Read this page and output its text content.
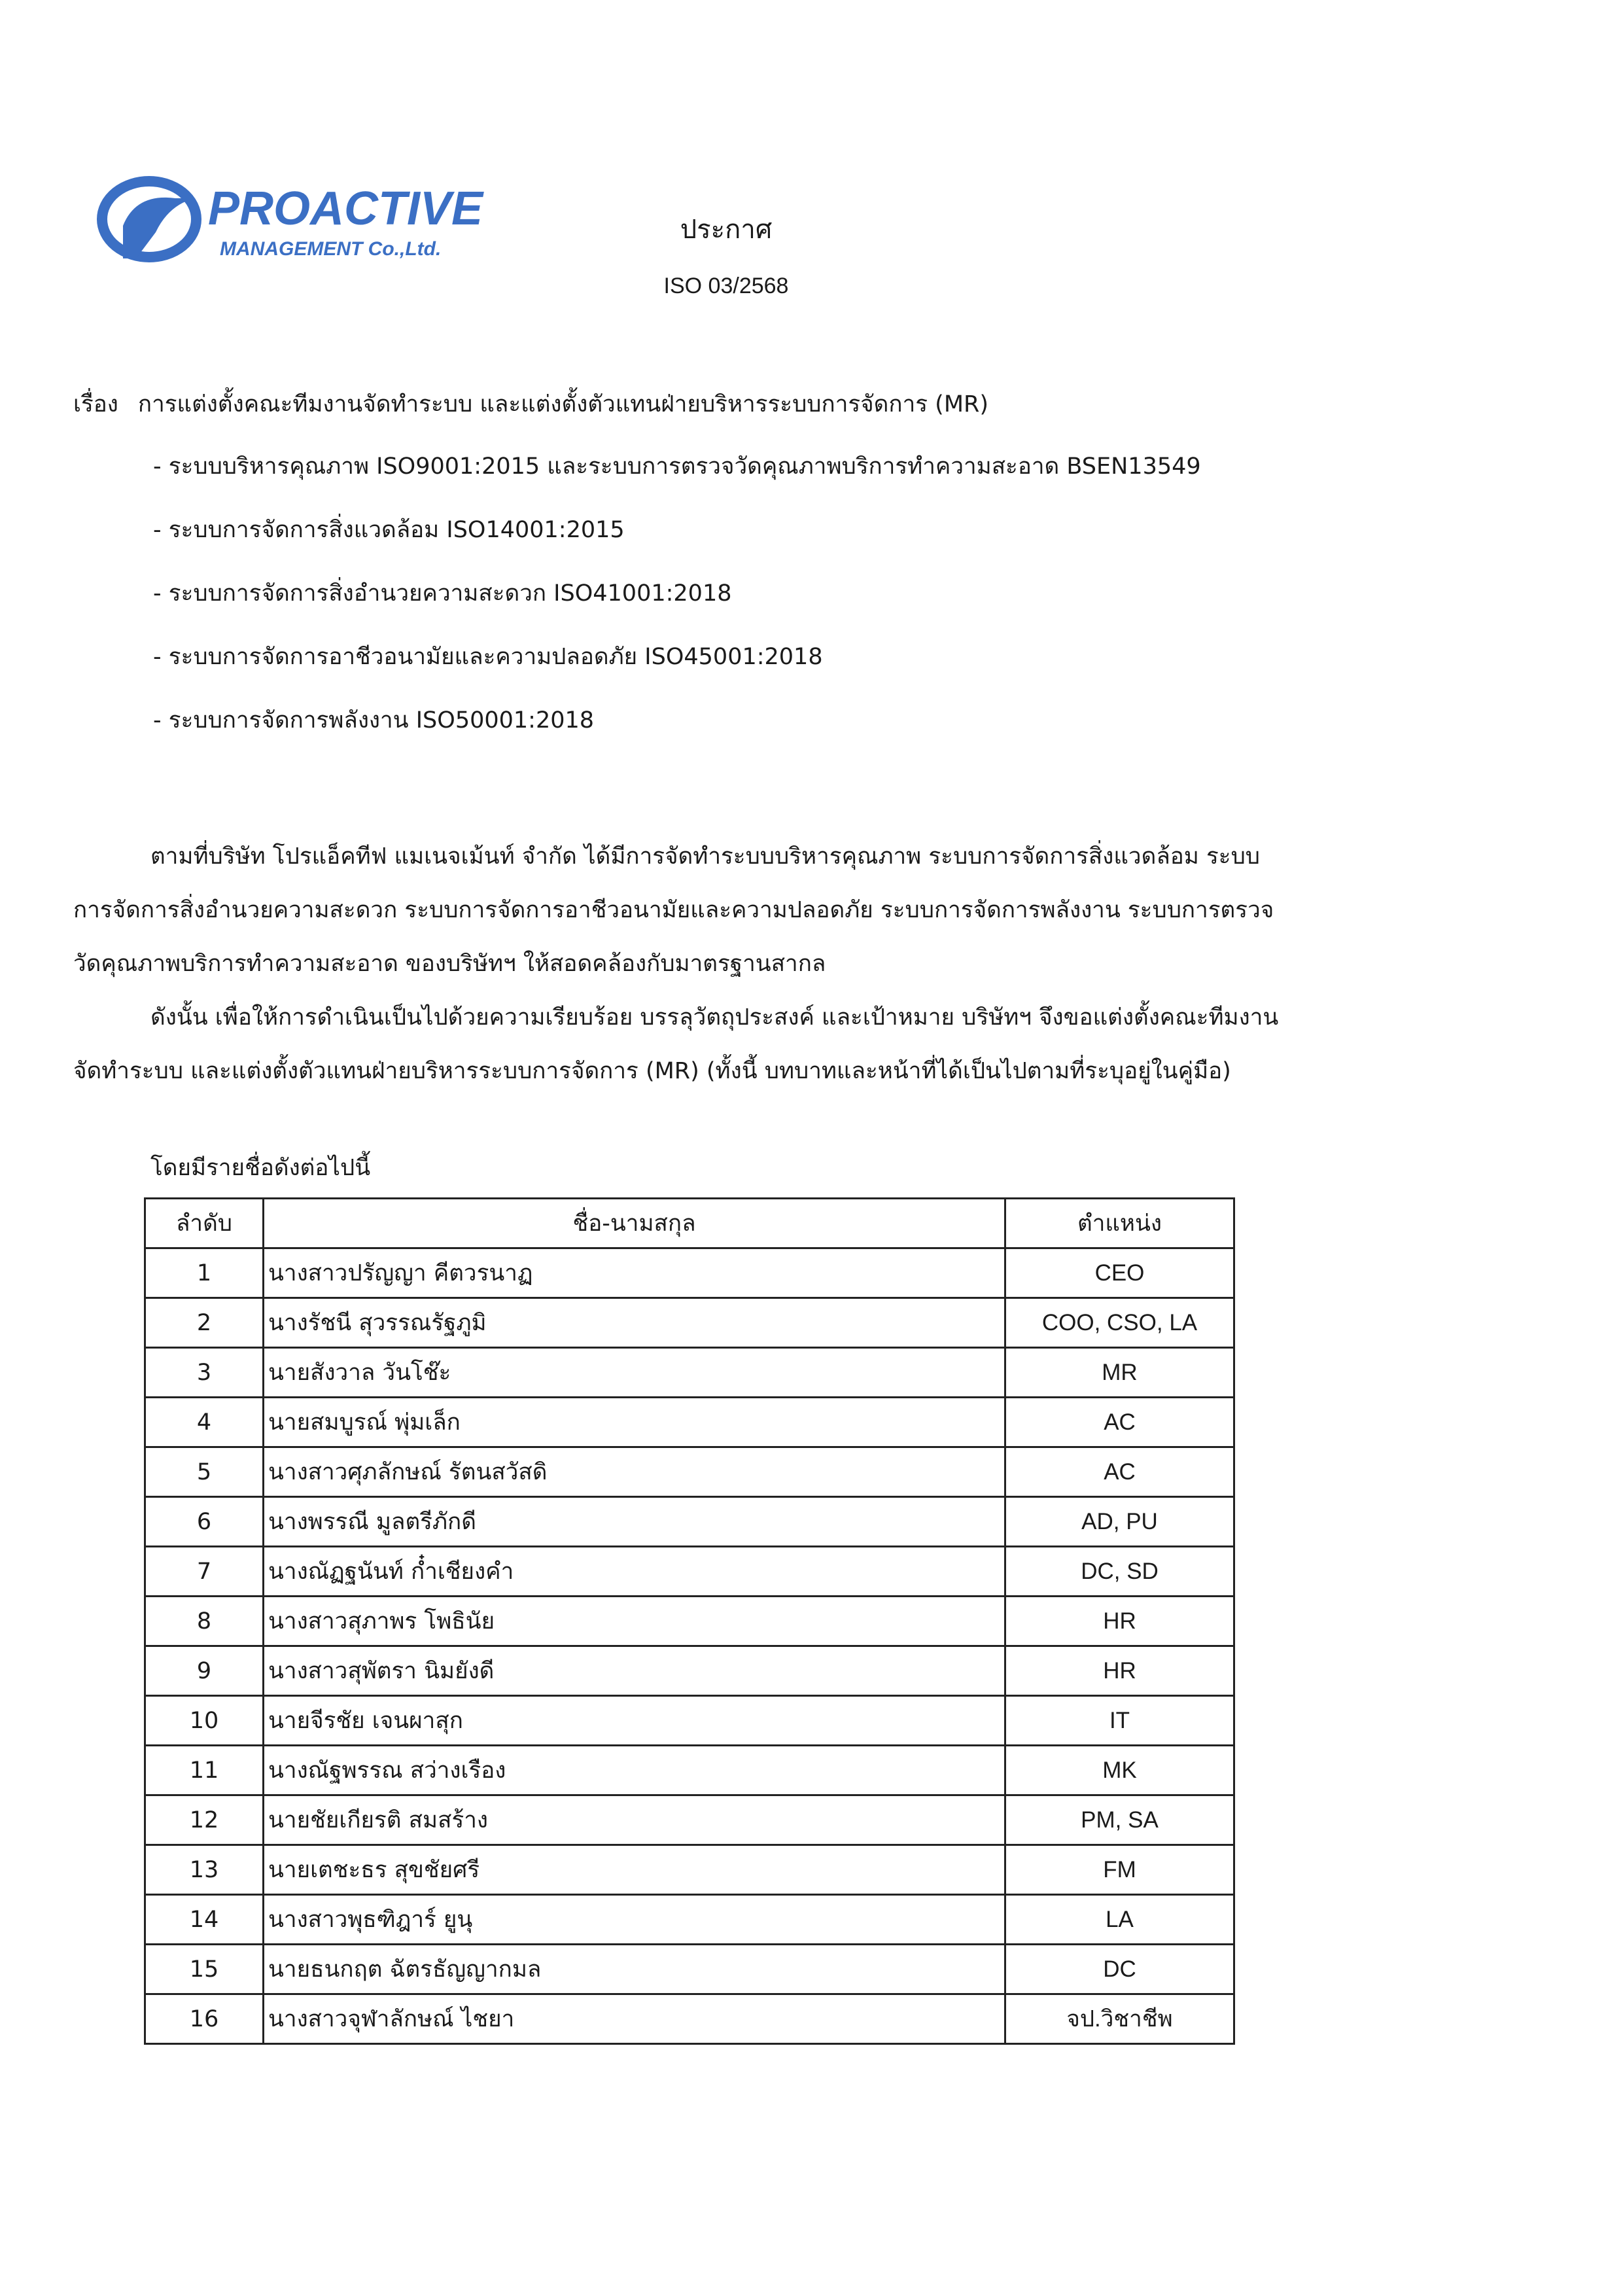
PROACTIVE
MANAGEMENT Co.,Ltd.
ประกาศ
ISO 03/2568
เรื่อง การแต่งตั้งคณะทีมงานจัดทำระบบ และแต่งตั้งตัวแทนฝ่ายบริหารระบบการจัดการ (MR)
- ระบบบริหารคุณภาพ ISO9001:2015 และระบบการตรวจวัดคุณภาพบริการทำความสะอาด BSEN13549
- ระบบการจัดการสิ่งแวดล้อม ISO14001:2015
- ระบบการจัดการสิ่งอำนวยความสะดวก ISO41001:2018
- ระบบการจัดการอาชีวอนามัยและความปลอดภัย ISO45001:2018
- ระบบการจัดการพลังงาน ISO50001:2018

ตามที่บริษัท โปรแอ็คทีฟ แมเนจเม้นท์ จำกัด ได้มีการจัดทำระบบบริหารคุณภาพ ระบบการจัดการสิ่งแวดล้อม ระบบการจัดการสิ่งอำนวยความสะดวก ระบบการจัดการอาชีวอนามัยและความปลอดภัย ระบบการจัดการพลังงาน ระบบการตรวจวัดคุณภาพบริการทำความสะอาด ของบริษัทฯ ให้สอดคล้องกับมาตรฐานสากล

ดังนั้น เพื่อให้การดำเนินเป็นไปด้วยความเรียบร้อย บรรลุวัตถุประสงค์ และเป้าหมาย บริษัทฯ จึงขอแต่งตั้งคณะทีมงานจัดทำระบบ และแต่งตั้งตัวแทนฝ่ายบริหารระบบการจัดการ (MR) (ทั้งนี้ บทบาทและหน้าที่ได้เป็นไปตามที่ระบุอยู่ในคู่มือ)

โดยมีรายชื่อดังต่อไปนี้
ลำดับ	ชื่อ-นามสกุล	ตำแหน่ง
1	นางสาวปรัญญา คีตวรนาฏ	CEO
2	นางรัชนี สุวรรณรัฐภูมิ	COO, CSO, LA
3	นายสังวาล วันโช๊ะ	MR
4	นายสมบูรณ์ พุ่มเล็ก	AC
5	นางสาวศุภลักษณ์ รัตนสวัสดิ	AC
6	นางพรรณี มูลตรีภักดี	AD, PU
7	นางณัฏฐนันท์ ก๋ำเชียงคำ	DC, SD
8	นางสาวสุภาพร โพธินัย	HR
9	นางสาวสุพัตรา นิมยังดี	HR
10	นายจีรชัย เจนผาสุก	IT
11	นางณัฐพรรณ สว่างเรือง	MK
12	นายชัยเกียรติ สมสร้าง	PM, SA
13	นายเตชะธร สุขชัยศรี	FM
14	นางสาวพุธฑิฎาร์ ยูนุ	LA
15	นายธนกฤต ฉัตรธัญญากมล	DC
16	นางสาวจุฬาลักษณ์ ไชยา	จป.วิชาชีพ
